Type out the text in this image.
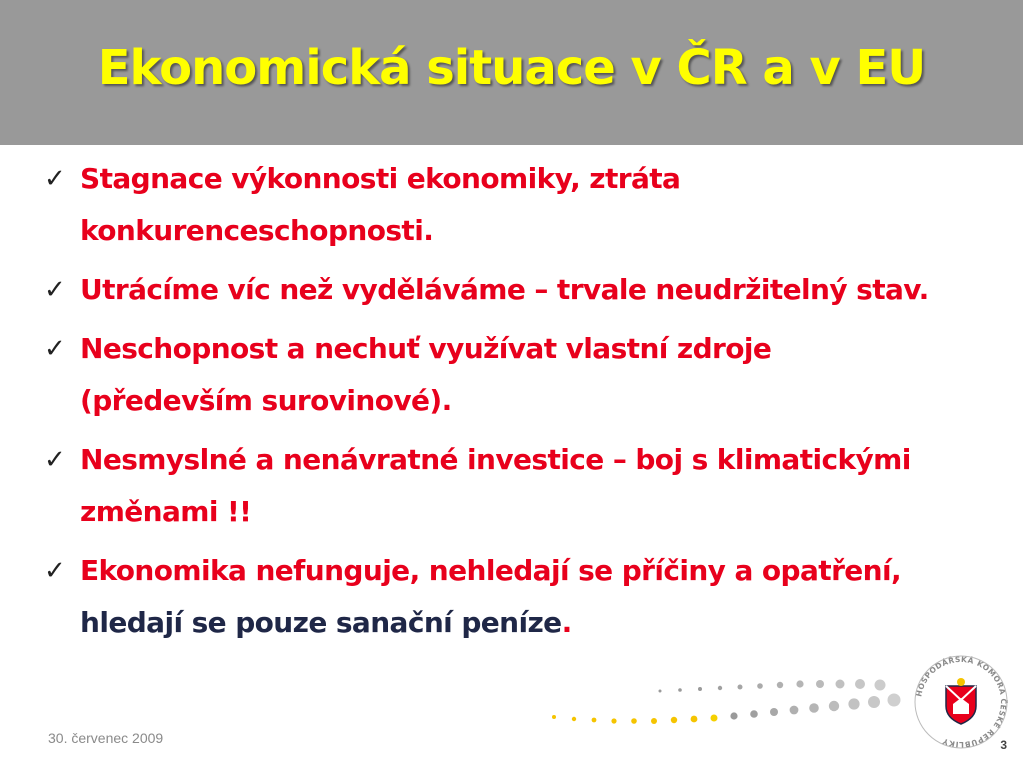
Ekonomická situace v ČR a v EU
✓ Stagnace výkonnosti ekonomiky, ztráta konkurenceschopnosti.
✓ Utrácíme víc než vyděláváme – trvale neudržitelný stav.
✓ Neschopnost a nechuť využívat vlastní zdroje (především surovinové).
✓ Nesmyslné a nenávratné investice – boj s klimatickými změnami !!
✓ Ekonomika nefunguje, nehledají se příčiny a opatření, hledají se pouze sanační peníze.
HOSPODÁŘSKÁ KOMORA ČESKÉ REPUBLIKY
30. červenec 2009	3
